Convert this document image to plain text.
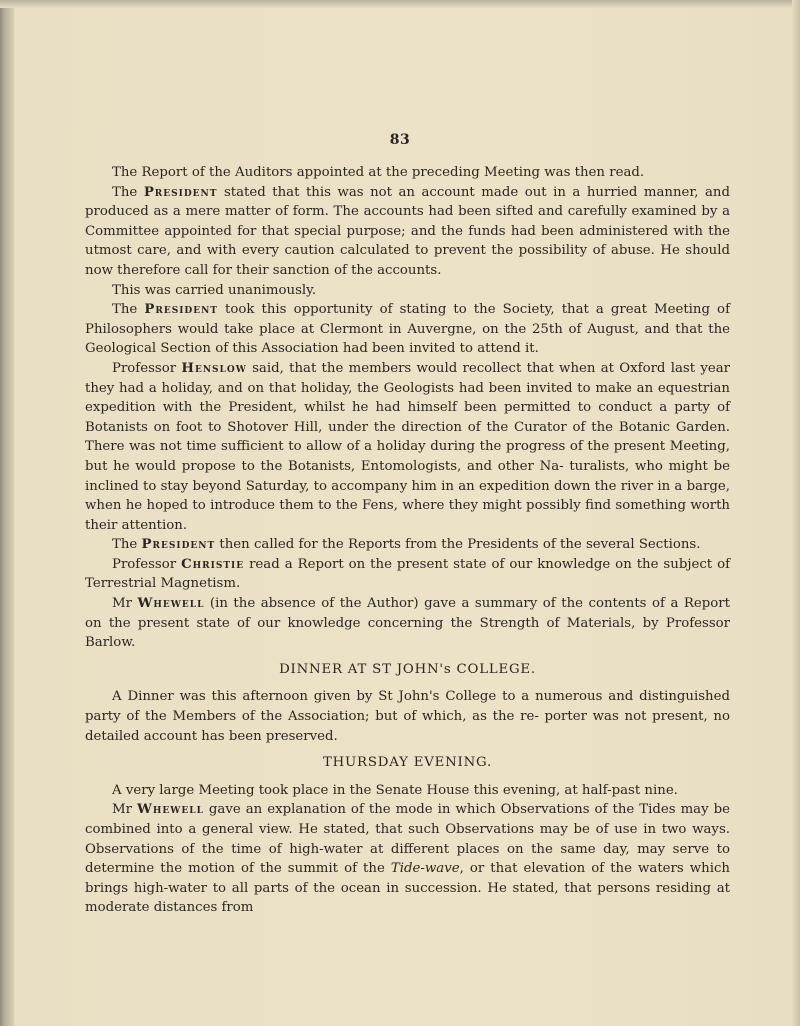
83

The Report of the Auditors appointed at the preceding Meeting was then read.

The President stated that this was not an account made out in a hurried manner, and produced as a mere matter of form. The accounts had been sifted and carefully examined by a Committee appointed for that special purpose; and the funds had been administered with the utmost care, and with every caution calculated to prevent the possibility of abuse. He should now therefore call for their sanction of the accounts.

This was carried unanimously.

The President took this opportunity of stating to the Society, that a great Meeting of Philosophers would take place at Clermont in Auvergne, on the 25th of August, and that the Geological Section of this Association had been invited to attend it.

Professor Henslow said, that the members would recollect that when at Oxford last year they had a holiday, and on that holiday, the Geologists had been invited to make an equestrian expedition with the President, whilst he had himself been permitted to conduct a party of Botanists on foot to Shotover Hill, under the direction of the Curator of the Botanic Garden. There was not time sufficient to allow of a holiday during the progress of the present Meeting, but he would propose to the Botanists, Entomologists, and other Na- turalists, who might be inclined to stay beyond Saturday, to accompany him in an expedition down the river in a barge, when he hoped to introduce them to the Fens, where they might possibly find something worth their attention.

The President then called for the Reports from the Presidents of the several Sections.

Professor Christie read a Report on the present state of our knowledge on the subject of Terrestrial Magnetism.

Mr Whewell (in the absence of the Author) gave a summary of the contents of a Report on the present state of our knowledge concerning the Strength of Materials, by Professor Barlow.

DINNER AT ST JOHN's COLLEGE.

A Dinner was this afternoon given by St John's College to a numerous and distinguished party of the Members of the Association; but of which, as the re- porter was not present, no detailed account has been preserved.

THURSDAY EVENING.

A very large Meeting took place in the Senate House this evening, at half-past nine.

Mr Whewell gave an explanation of the mode in which Observations of the Tides may be combined into a general view. He stated, that such Observations may be of use in two ways. Observations of the time of high-water at different places on the same day, may serve to determine the motion of the summit of the Tide-wave, or that elevation of the waters which brings high-water to all parts of the ocean in succession. He stated, that persons residing at moderate distances from
